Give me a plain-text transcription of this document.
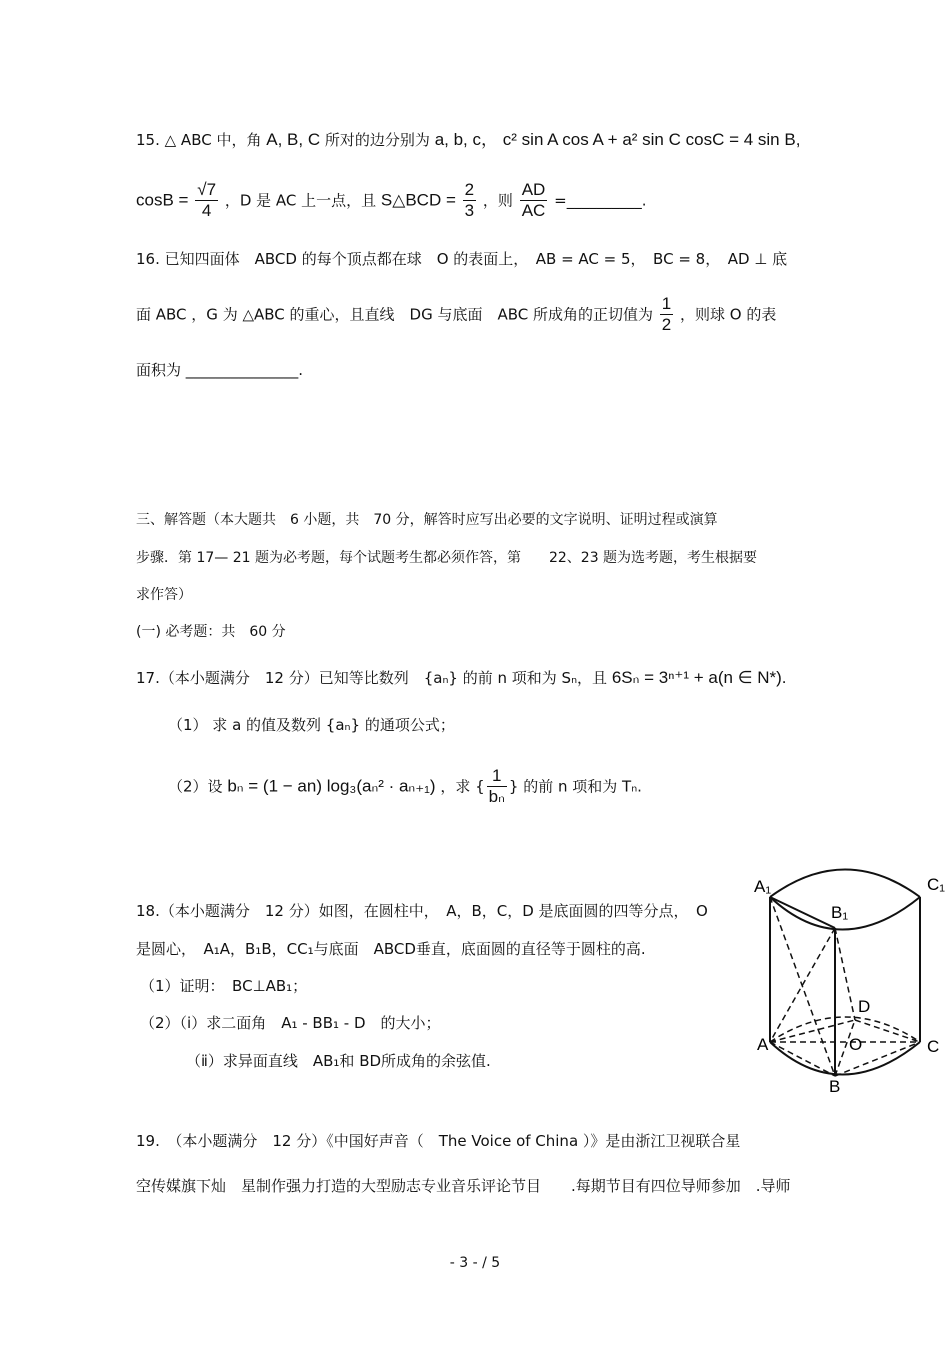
15. △ ABC 中，角 A, B, C 所对的边分别为 a, b, c， c² sin A cos A + a² sin C cosC = 4 sin B,
$\cos B = \frac{√7}{4}$ ，D 是 AC 上一点，且 S△BCD = $\frac{2}{3}$ ，则 $\frac{AD}{AC}$ =__________.
16. 已知四面体　ABCD 的每个顶点都在球　O 的表面上，　AB = AC = 5，　BC = 8，　AD ⊥ 底
面 ABC ，G 为 △ABC 的重心，且直线　DG 与底面　ABC 所成角的正切值为 $\frac{1}{2}$ ，则球 O 的表
面积为 _______________.
三、解答题（本大题共　6 小题，共　70 分，解答时应写出必要的文字说明、证明过程或演算
步骤．第 17— 21 题为必考题，每个试题考生都必须作答，第　　22、23 题为选考题，考生根据要
求作答）
(一) 必考题：共　60 分
17.（本小题满分　12 分）已知等比数列　{aₙ} 的前 n 项和为 Sₙ，且 6Sₙ = 3ⁿ⁺¹ + a(n ∈ N*).
（1） 求 a 的值及数列 {aₙ} 的通项公式；
（2）设 bₙ = (1 − an) log₃(aₙ² · aₙ₊₁) ，求 { $\frac{1}{\text{bₙ}}$ } 的前 n 项和为 Tₙ.
18.（本小题满分　12 分）如图，在圆柱中，　A，B，C，D 是底面圆的四等分点，　O
是圆心，　A₁A，B₁B，CC₁与底面　ABCD垂直，底面圆的直径等于圆柱的高.
（1）证明：　BC⊥AB₁；
（2）（ⅰ）求二面角　A₁ - BB₁ - D　的大小；
（ⅱ）求异面直线　AB₁和 BD所成角的余弦值.
A₁
B₁
C₁
A
B
C
D
O
19.　（本小题满分　12 分）《中国好声音（　The Voice of China ）》是由浙江卫视联合星
空传媒旗下灿　星制作强力打造的大型励志专业音乐评论节目　　.每期节目有四位导师参加　.导师
- 3 - / 5
